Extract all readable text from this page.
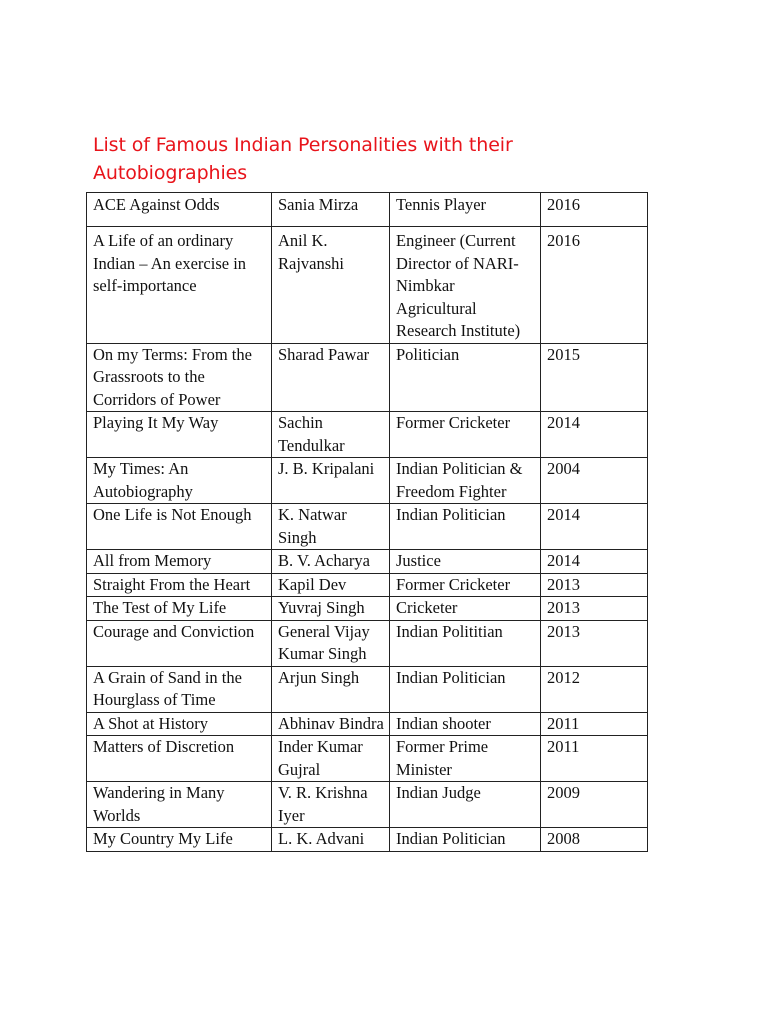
List of Famous Indian Personalities with their Autobiographies
ACE Against Odds	Sania Mirza	Tennis Player	2016
A Life of an ordinary Indian – An exercise in self-importance	Anil K. Rajvanshi	Engineer (Current Director of NARI-Nimbkar Agricultural Research Institute)	2016
On my Terms: From the Grassroots to the Corridors of Power	Sharad Pawar	Politician	2015
Playing It My Way	Sachin Tendulkar	Former Cricketer	2014
My Times: An Autobiography	J. B. Kripalani	Indian Politician & Freedom Fighter	2004
One Life is Not Enough	K. Natwar Singh	Indian Politician	2014
All from Memory	B. V. Acharya	Justice	2014
Straight From the Heart	Kapil Dev	Former Cricketer	2013
The Test of My Life	Yuvraj Singh	Cricketer	2013
Courage and Conviction	General Vijay Kumar Singh	Indian Polititian	2013
A Grain of Sand in the Hourglass of Time	Arjun Singh	Indian Politician	2012
A Shot at History	Abhinav Bindra	Indian shooter	2011
Matters of Discretion	Inder Kumar Gujral	Former Prime Minister	2011
Wandering in Many Worlds	V. R. Krishna Iyer	Indian Judge	2009
My Country My Life	L. K. Advani	Indian Politician	2008
